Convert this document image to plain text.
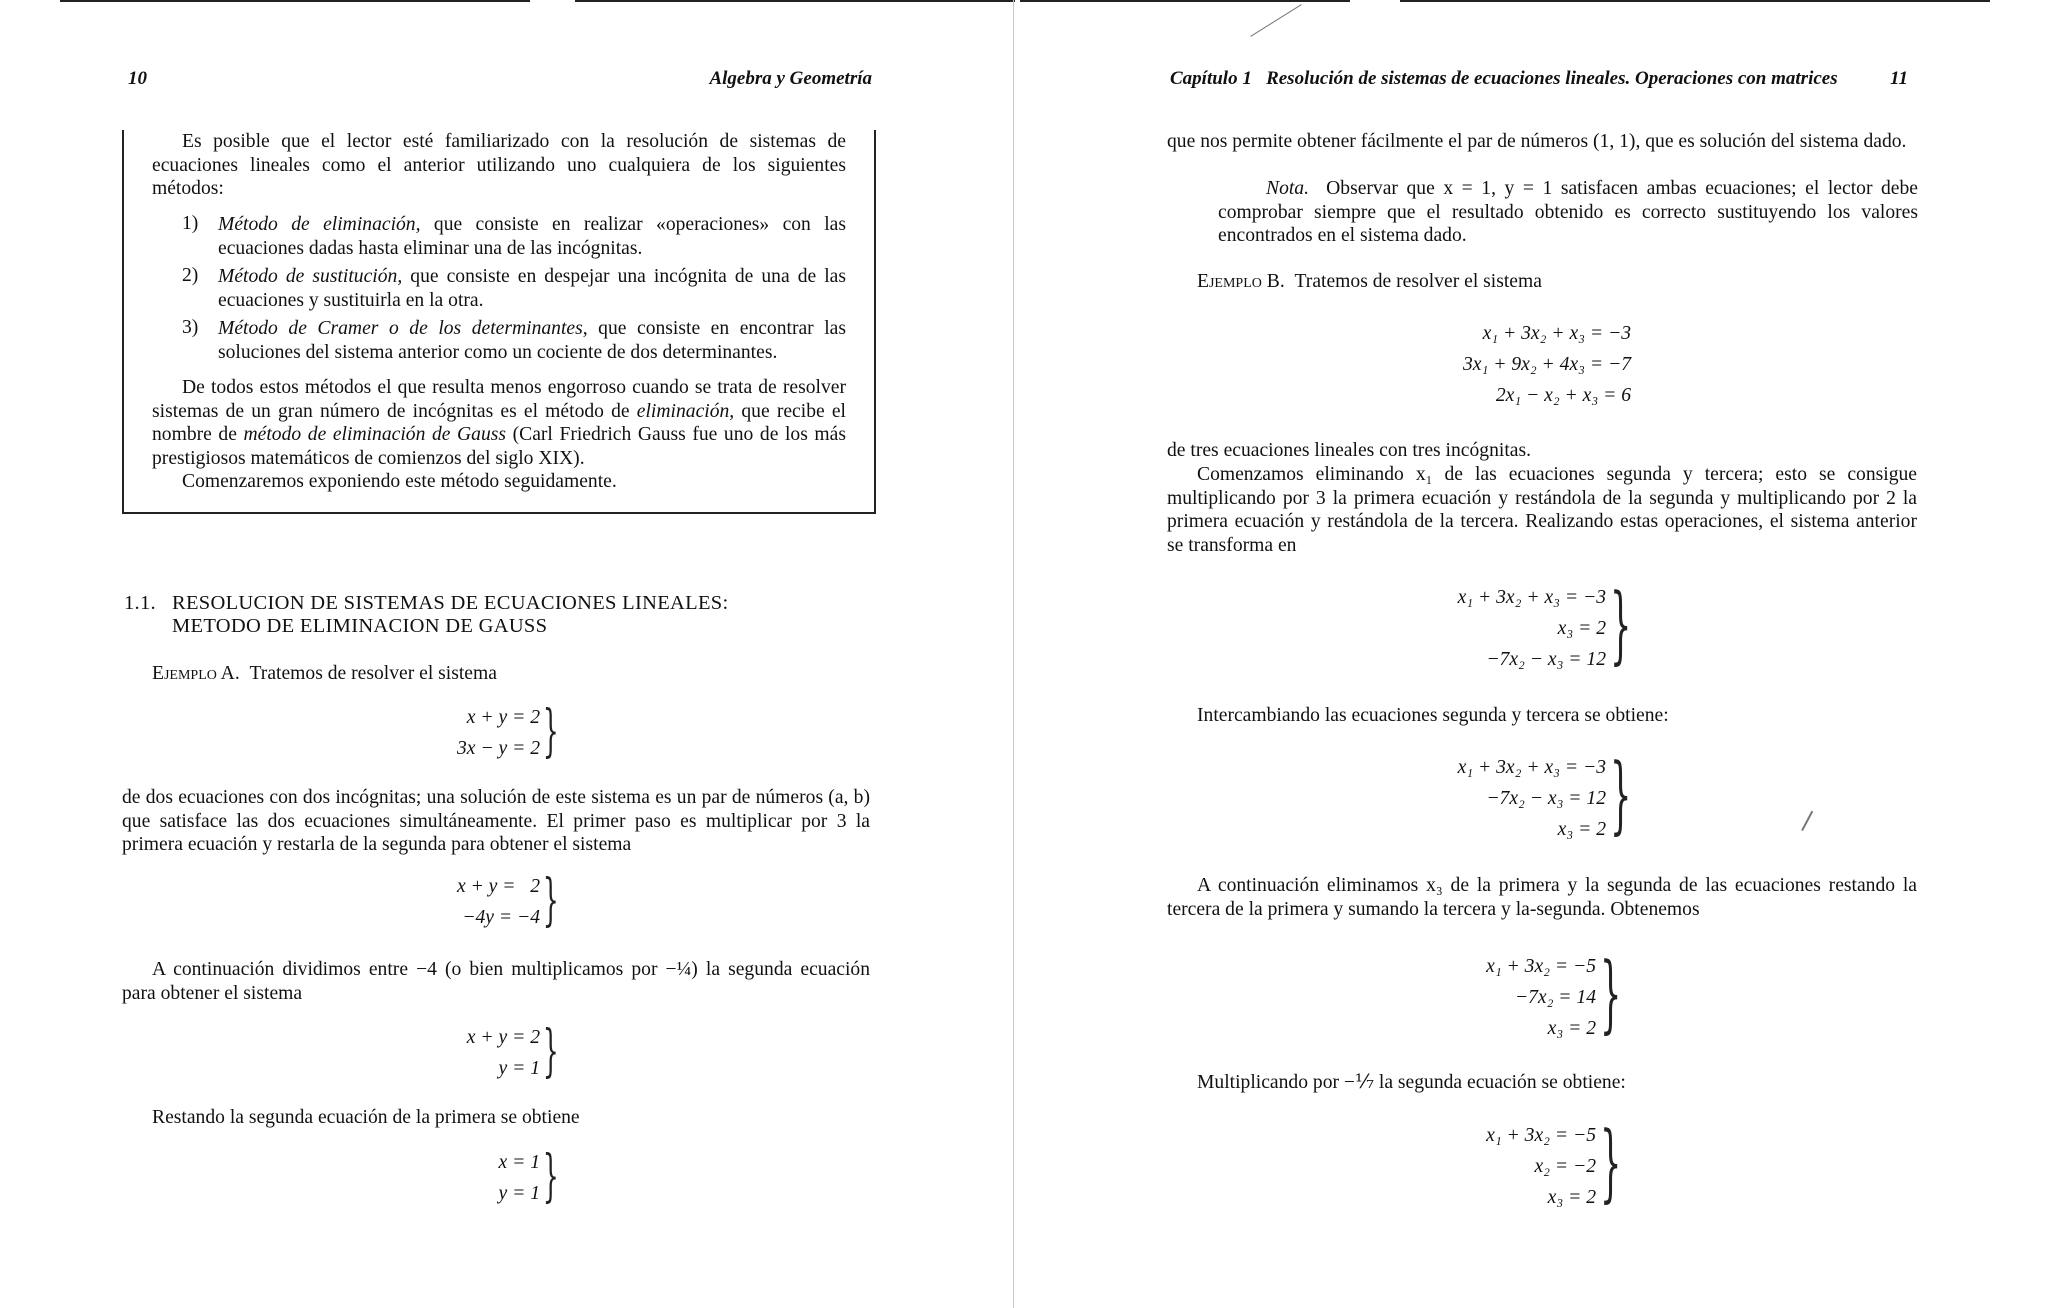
10	Algebra y Geometría
Es posible que el lector esté familiarizado con la resolución de sistemas de ecuaciones lineales como el anterior utilizando uno cualquiera de los siguientes métodos:
1) Método de eliminación, que consiste en realizar «operaciones» con las ecuaciones dadas hasta eliminar una de las incógnitas.
2) Método de sustitución, que consiste en despejar una incógnita de una de las ecuaciones y sustituirla en la otra.
3) Método de Cramer o de los determinantes, que consiste en encontrar las soluciones del sistema anterior como un cociente de dos determinantes.
De todos estos métodos el que resulta menos engorroso cuando se trata de resolver sistemas de un gran número de incógnitas es el método de eliminación, que recibe el nombre de método de eliminación de Gauss (Carl Friedrich Gauss fue uno de los más prestigiosos matemáticos de comienzos del siglo XIX).
Comenzaremos exponiendo este método seguidamente.
1.1. RESOLUCION DE SISTEMAS DE ECUACIONES LINEALES:
METODO DE ELIMINACION DE GAUSS
Ejemplo A. Tratemos de resolver el sistema
x + y = 2
3x − y = 2 }
de dos ecuaciones con dos incógnitas; una solución de este sistema es un par de números (a, b) que satisface las dos ecuaciones simultáneamente. El primer paso es multiplicar por 3 la primera ecuación y restarla de la segunda para obtener el sistema
x + y =   2
−4y = −4 }
A continuación dividimos entre −4 (o bien multiplicamos por −¼) la segunda ecuación para obtener el sistema
x + y = 2
y = 1 }
Restando la segunda ecuación de la primera se obtiene
x = 1
y = 1 }
Capítulo 1   Resolución de sistemas de ecuaciones lineales. Operaciones con matrices	11
que nos permite obtener fácilmente el par de números (1, 1), que es solución del sistema dado.
Nota. Observar que x = 1, y = 1 satisfacen ambas ecuaciones; el lector debe comprobar siempre que el resultado obtenido es correcto sustituyendo los valores encontrados en el sistema dado.
Ejemplo B. Tratemos de resolver el sistema
x₁ + 3x₂ + x₃ = −3
3x₁ + 9x₂ + 4x₃ = −7
2x₁ − x₂ + x₃ = 6
de tres ecuaciones lineales con tres incógnitas.
Comenzamos eliminando x₁ de las ecuaciones segunda y tercera; esto se consigue multiplicando por 3 la primera ecuación y restándola de la segunda y multiplicando por 2 la primera ecuación y restándola de la tercera. Realizando estas operaciones, el sistema anterior se transforma en
x₁ + 3x₂ + x₃ = −3
x₃ = 2
−7x₂ − x₃ = 12 }
Intercambiando las ecuaciones segunda y tercera se obtiene:
x₁ + 3x₂ + x₃ = −3
−7x₂ − x₃ = 12
x₃ = 2 }
A continuación eliminamos x₃ de la primera y la segunda de las ecuaciones restando la tercera de la primera y sumando la tercera y la-segunda. Obtenemos
x₁ + 3x₂ = −5
−7x₂ = 14
x₃ = 2 }
Multiplicando por −⅐ la segunda ecuación se obtiene:
x₁ + 3x₂ = −5
x₂ = −2
x₃ = 2 }
